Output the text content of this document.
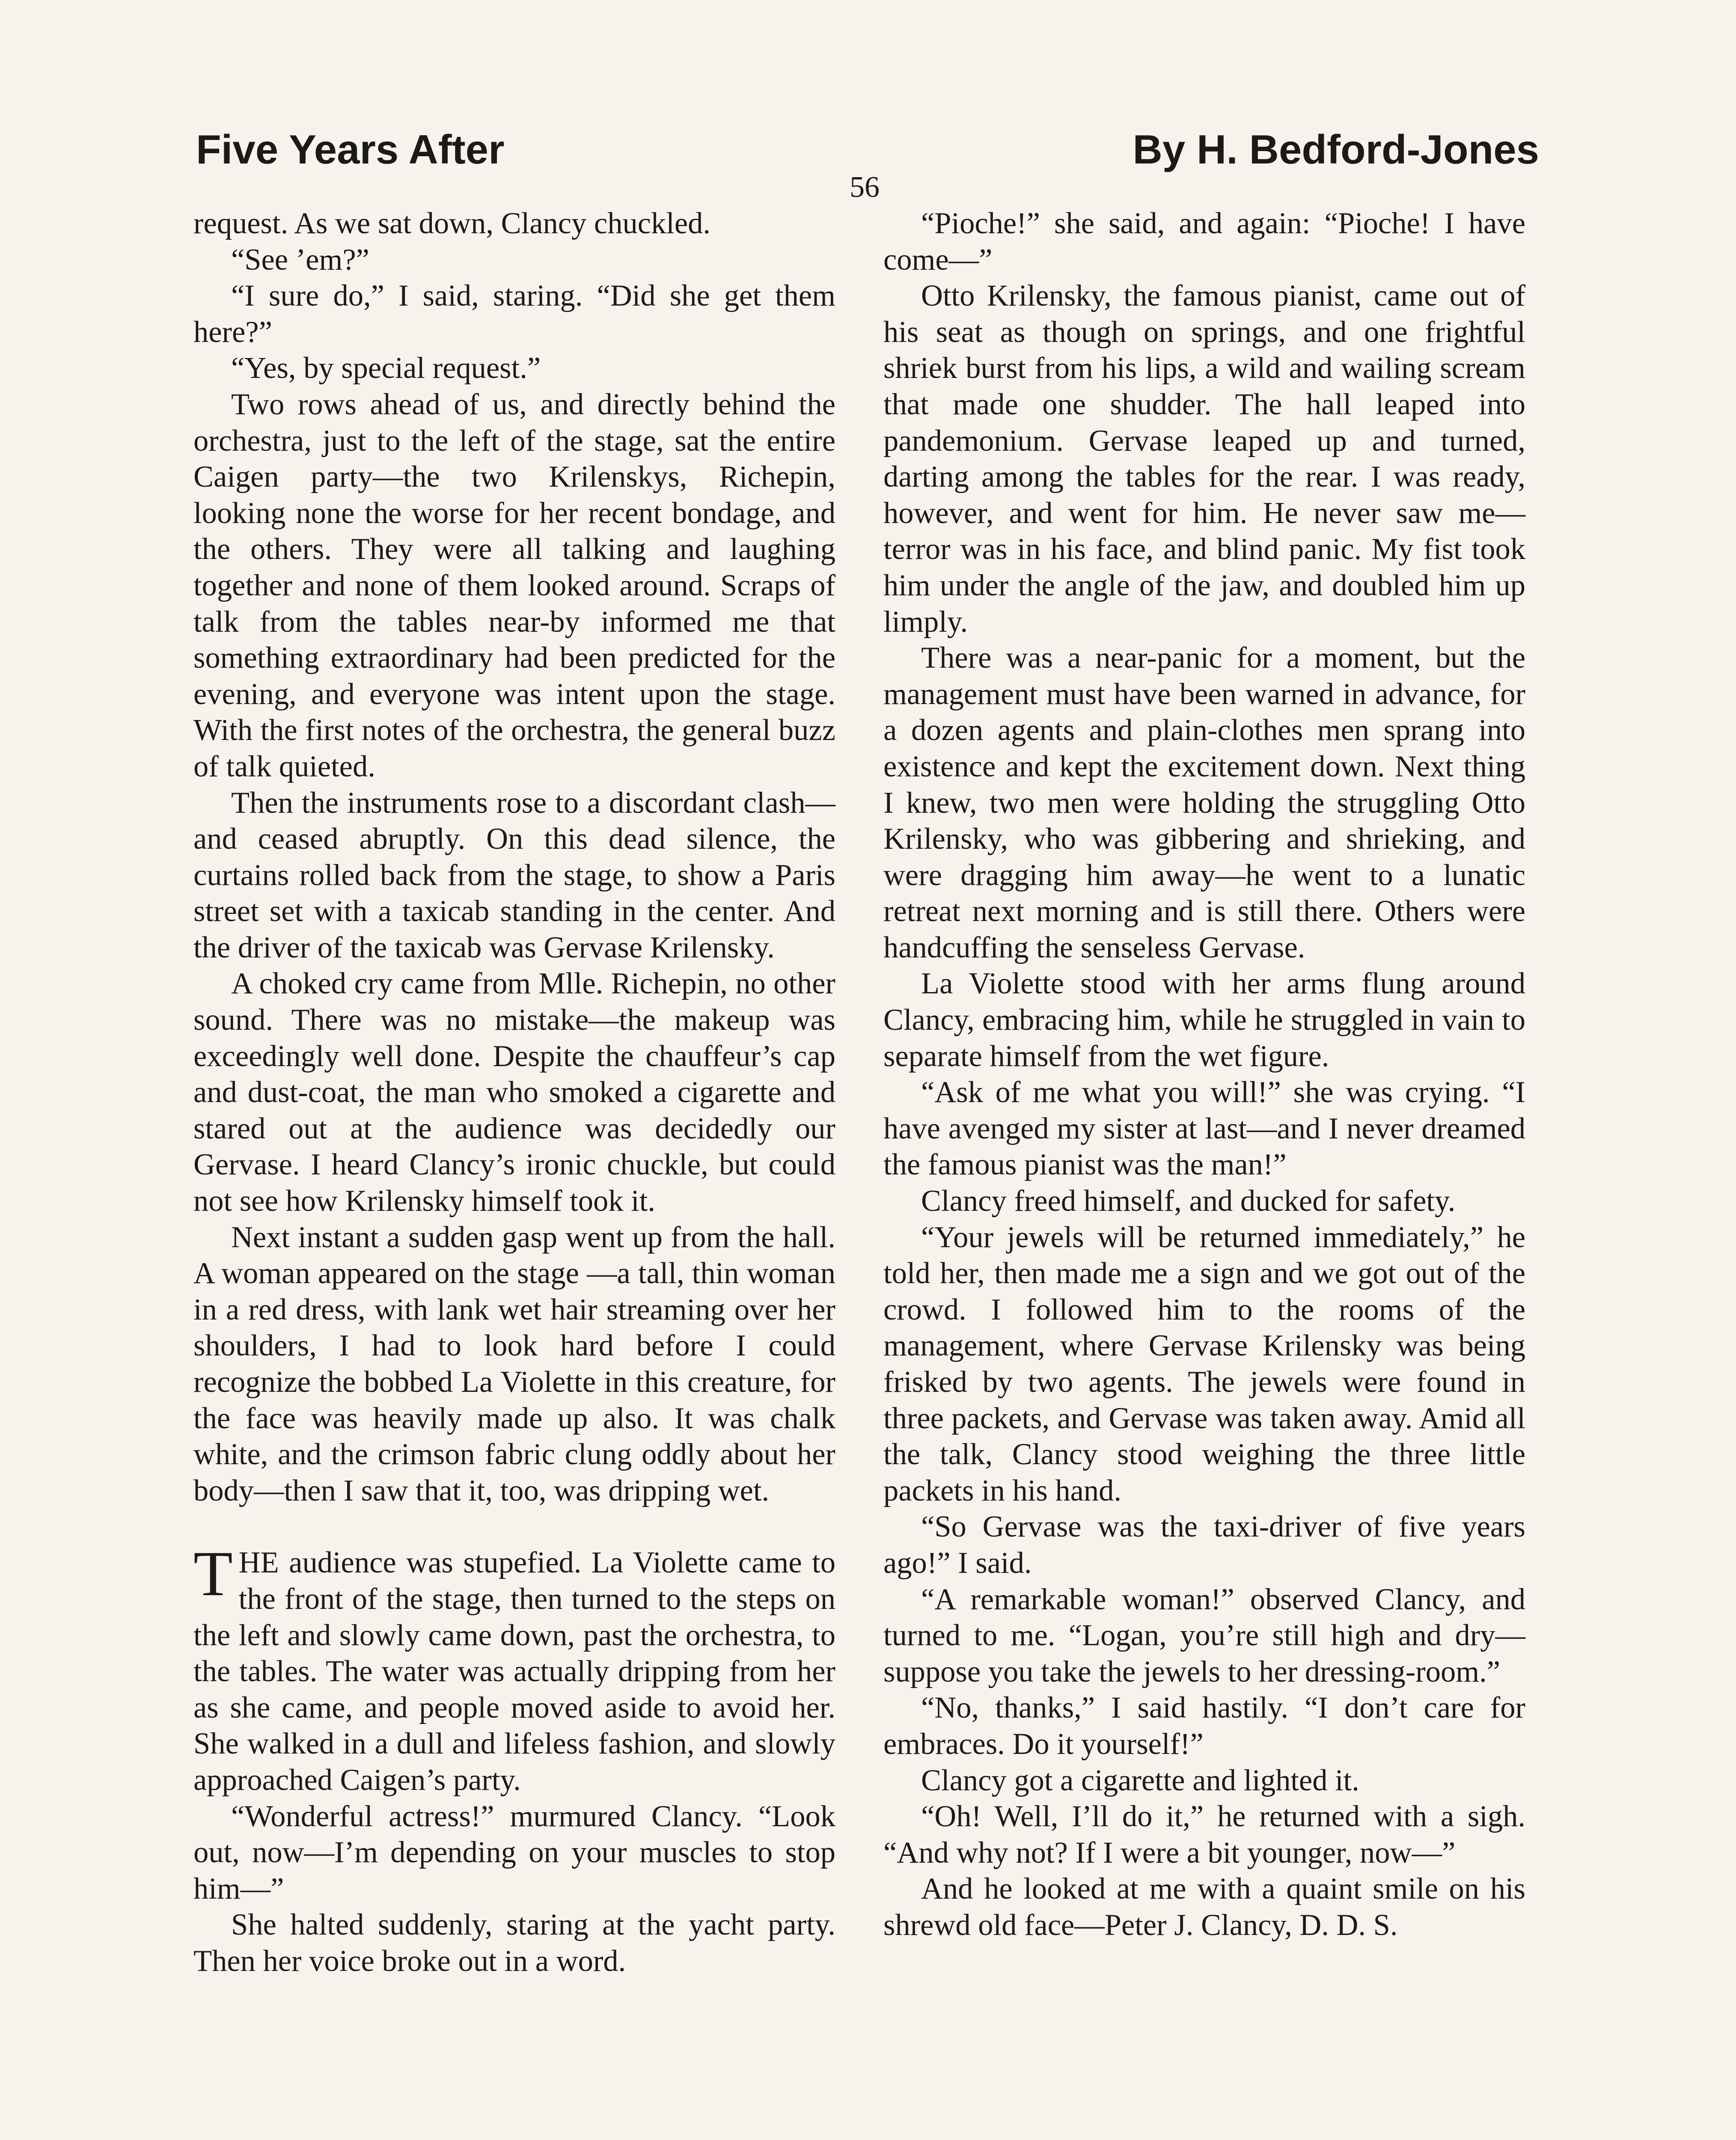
Five Years After	By H. Bedford-Jones
56

request. As we sat down, Clancy chuckled.

“See ’em?”

“I sure do,” I said, staring. “Did she get them here?”

“Yes, by special request.”

Two rows ahead of us, and directly behind the orchestra, just to the left of the stage, sat the entire Caigen party—the two Krilenskys, Richepin, looking none the worse for her recent bondage, and the others. They were all talking and laughing together and none of them looked around. Scraps of talk from the tables near-by informed me that something extraordinary had been predicted for the evening, and everyone was intent upon the stage. With the first notes of the orchestra, the general buzz of talk quieted.

Then the instruments rose to a discordant clash—and ceased abruptly. On this dead silence, the curtains rolled back from the stage, to show a Paris street set with a taxicab standing in the center. And the driver of the taxicab was Gervase Krilensky.

A choked cry came from Mlle. Richepin, no other sound. There was no mistake—the makeup was exceedingly well done. Despite the chauffeur’s cap and dust-coat, the man who smoked a cigarette and stared out at the audience was decidedly our Gervase. I heard Clancy’s ironic chuckle, but could not see how Krilensky himself took it.

Next instant a sudden gasp went up from the hall. A woman appeared on the stage —a tall, thin woman in a red dress, with lank wet hair streaming over her shoulders, I had to look hard before I could recognize the bobbed La Violette in this creature, for the face was heavily made up also. It was chalk white, and the crimson fabric clung oddly about her body—then I saw that it, too, was dripping wet.

THE audience was stupefied. La Violette came to the front of the stage, then turned to the steps on the left and slowly came down, past the orchestra, to the tables. The water was actually dripping from her as she came, and people moved aside to avoid her. She walked in a dull and lifeless fashion, and slowly approached Caigen’s party.

“Wonderful actress!” murmured Clancy. “Look out, now—I’m depending on your muscles to stop him—”

She halted suddenly, staring at the yacht party. Then her voice broke out in a word.

“Pioche!” she said, and again: “Pioche! I have come—”

Otto Krilensky, the famous pianist, came out of his seat as though on springs, and one frightful shriek burst from his lips, a wild and wailing scream that made one shudder. The hall leaped into pandemonium. Gervase leaped up and turned, darting among the tables for the rear. I was ready, however, and went for him. He never saw me—terror was in his face, and blind panic. My fist took him under the angle of the jaw, and doubled him up limply.

There was a near-panic for a moment, but the management must have been warned in advance, for a dozen agents and plain-clothes men sprang into existence and kept the excitement down. Next thing I knew, two men were holding the struggling Otto Krilensky, who was gibbering and shrieking, and were dragging him away—he went to a lunatic retreat next morning and is still there. Others were handcuffing the senseless Gervase.

La Violette stood with her arms flung around Clancy, embracing him, while he struggled in vain to separate himself from the wet figure.

“Ask of me what you will!” she was crying. “I have avenged my sister at last—and I never dreamed the famous pianist was the man!”

Clancy freed himself, and ducked for safety.

“Your jewels will be returned immediately,” he told her, then made me a sign and we got out of the crowd. I followed him to the rooms of the management, where Gervase Krilensky was being frisked by two agents. The jewels were found in three packets, and Gervase was taken away. Amid all the talk, Clancy stood weighing the three little packets in his hand.

“So Gervase was the taxi-driver of five years ago!” I said.

“A remarkable woman!” observed Clancy, and turned to me. “Logan, you’re still high and dry—suppose you take the jewels to her dressing-room.”

“No, thanks,” I said hastily. “I don’t care for embraces. Do it yourself!”

Clancy got a cigarette and lighted it.

“Oh! Well, I’ll do it,” he returned with a sigh. “And why not? If I were a bit younger, now—”

And he looked at me with a quaint smile on his shrewd old face—Peter J. Clancy, D. D. S.
